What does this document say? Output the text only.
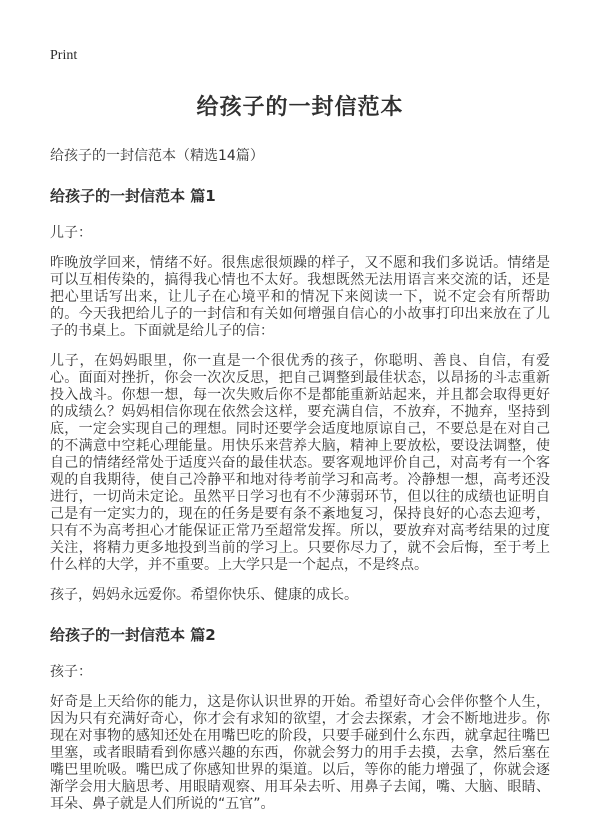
Print
给孩子的一封信范本

给孩子的一封信范本（精选14篇）

给孩子的一封信范本 篇1

儿子：

昨晚放学回来，情绪不好。很焦虑很烦躁的样子，又不愿和我们多说话。情绪是可以互相传染的，搞得我心情也不太好。我想既然无法用语言来交流的话，还是把心里话写出来，让儿子在心境平和的情况下来阅读一下，说不定会有所帮助的。今天我把给儿子的一封信和有关如何增强自信心的小故事打印出来放在了儿子的书桌上。下面就是给儿子的信：

儿子，在妈妈眼里，你一直是一个很优秀的孩子，你聪明、善良、自信，有爱心。面面对挫折，你会一次次反思，把自己调整到最佳状态，以昂扬的斗志重新投入战斗。你想一想，每一次失败后你不是都能重新站起来，并且都会取得更好的成绩么？妈妈相信你现在依然会这样，要充满自信，不放弃，不抛弃，坚持到底，一定会实现自己的理想。同时还要学会适度地原谅自己，不要总是在对自己的不满意中空耗心理能量。用快乐来营养大脑，精神上要放松，要设法调整，使自己的情绪经常处于适度兴奋的最佳状态。要客观地评价自己，对高考有一个客观的自我期待，使自己冷静平和地对待考前学习和高考。冷静想一想，高考还没进行，一切尚未定论。虽然平日学习也有不少薄弱环节，但以往的成绩也证明自己是有一定实力的，现在的任务是要有条不紊地复习，保持良好的心态去迎考，只有不为高考担心才能保证正常乃至超常发挥。所以，要放弃对高考结果的过度关注，将精力更多地投到当前的学习上。只要你尽力了，就不会后悔，至于考上什么样的大学，并不重要。上大学只是一个起点，不是终点。

孩子，妈妈永远爱你。希望你快乐、健康的成长。

给孩子的一封信范本 篇2

孩子：

好奇是上天给你的能力，这是你认识世界的开始。希望好奇心会伴你整个人生，因为只有充满好奇心，你才会有求知的欲望，才会去探索，才会不断地进步。你现在对事物的感知还处在用嘴巴吃的阶段，只要手碰到什么东西，就拿起往嘴巴里塞，或者眼睛看到你感兴趣的东西，你就会努力的用手去摸，去拿，然后塞在嘴巴里吮吸。嘴巴成了你感知世界的渠道。以后，等你的能力增强了，你就会逐渐学会用大脑思考、用眼睛观察、用耳朵去听、用鼻子去闻，嘴、大脑、眼睛、耳朵、鼻子就是人们所说的“五官”。
